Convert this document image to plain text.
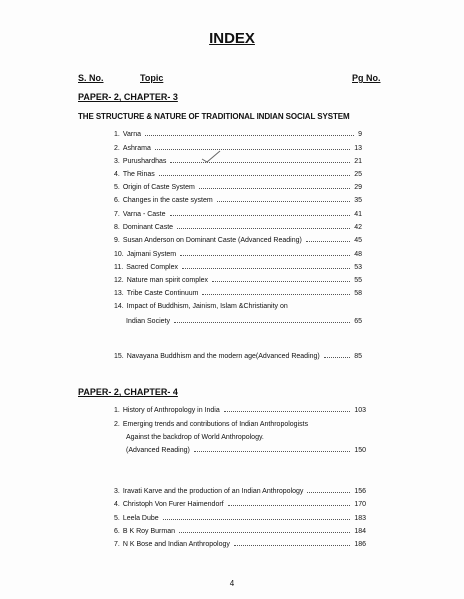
INDEX
S. No.	Topic	Pg No.
PAPER- 2, CHAPTER- 3
THE STRUCTURE & NATURE OF TRADITIONAL INDIAN SOCIAL SYSTEM
1. Varna	9
2. Ashrama	13
3. Purushardhas	21
4. The Rinas	25
5. Origin of Caste System	29
6. Changes in the caste system	35
7. Varna - Caste	41
8. Dominant Caste	42
9. Susan Anderson on Dominant Caste (Advanced Reading)	45
10. Jajmani System	48
11. Sacred Complex	53
12. Nature man spirit complex	55
13. Tribe Caste Continuum	58
14. Impact of Buddhism, Jainism, Islam &Christianity on
Indian Society	65
15. Navayana Buddhism and the modern age(Advanced Reading)	85
PAPER- 2, CHAPTER- 4
1. History of Anthropology in India	103
2. Emerging trends and contributions of Indian Anthropologists
Against the backdrop of World Anthropology.
(Advanced Reading)	150
3. Iravati Karve and the production of an Indian Anthropology	156
4. Christoph Von Furer Haimendorf	170
5. Leela Dube	183
6. B K Roy Burman	184
7. N K Bose and Indian Anthropology	186
4
